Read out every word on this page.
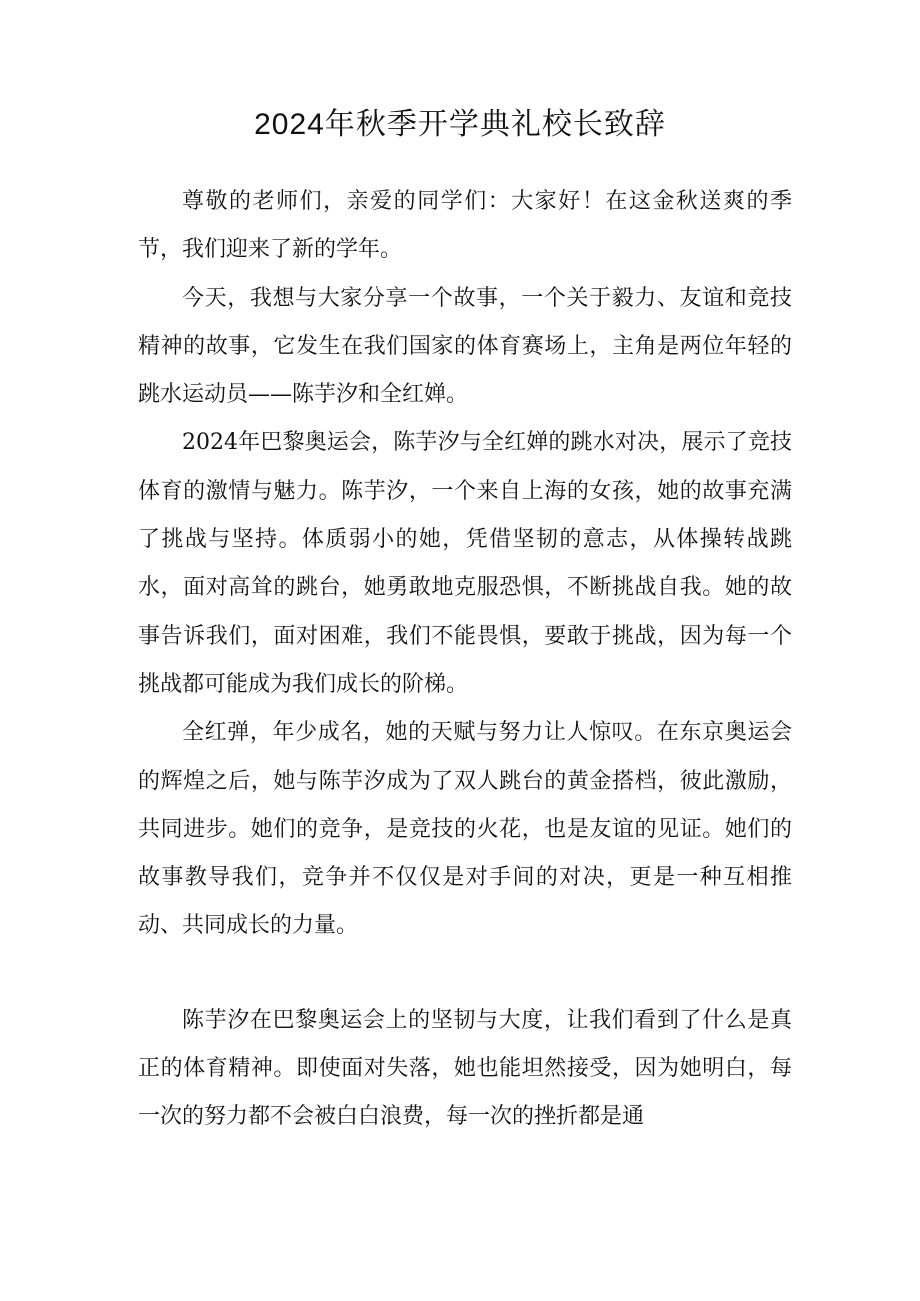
2024年秋季开学典礼校长致辞

尊敬的老师们，亲爱的同学们：大家好！在这金秋送爽的季节，我们迎来了新的学年。

今天，我想与大家分享一个故事，一个关于毅力、友谊和竞技精神的故事，它发生在我们国家的体育赛场上，主角是两位年轻的跳水运动员——陈芋汐和全红婵。

2024年巴黎奥运会，陈芋汐与全红婵的跳水对决，展示了竞技体育的激情与魅力。陈芋汐，一个来自上海的女孩，她的故事充满了挑战与坚持。体质弱小的她，凭借坚韧的意志，从体操转战跳水，面对高耸的跳台，她勇敢地克服恐惧，不断挑战自我。她的故事告诉我们，面对困难，我们不能畏惧，要敢于挑战，因为每一个挑战都可能成为我们成长的阶梯。

全红弹，年少成名，她的天赋与努力让人惊叹。在东京奥运会的辉煌之后，她与陈芋汐成为了双人跳台的黄金搭档，彼此激励，共同进步。她们的竞争，是竞技的火花，也是友谊的见证。她们的故事教导我们，竞争并不仅仅是对手间的对决，更是一种互相推动、共同成长的力量。

陈芋汐在巴黎奥运会上的坚韧与大度，让我们看到了什么是真正的体育精神。即使面对失落，她也能坦然接受，因为她明白，每一次的努力都不会被白白浪费，每一次的挫折都是通
